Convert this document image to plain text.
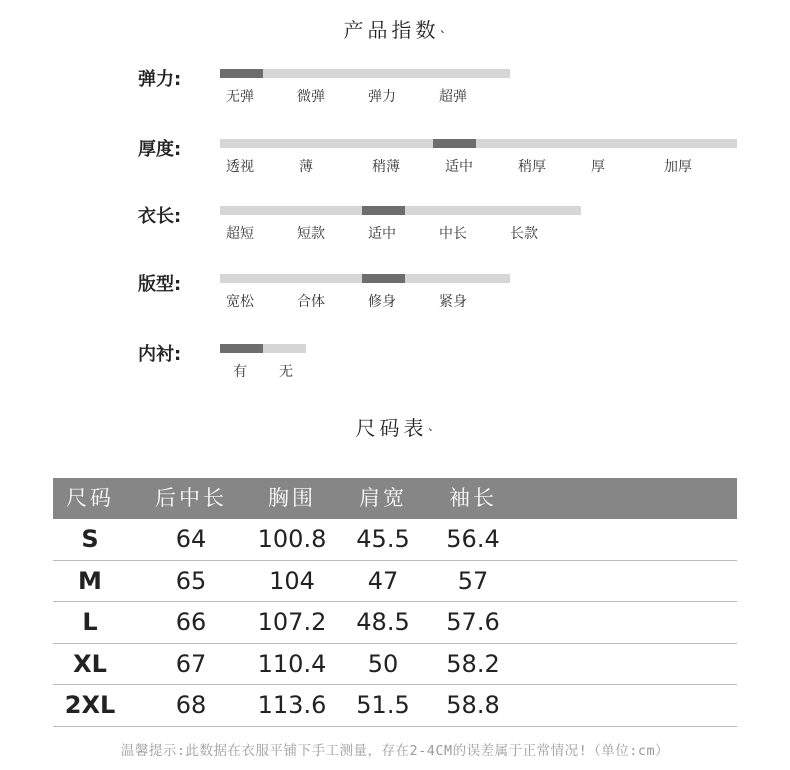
产品指数$^ˎ$
弹力:
无弹	微弹	弹力	超弹
厚度:
透视	薄	稍薄	适中	稍厚	厚	加厚
衣长:
超短	短款	适中	中长	长款
版型:
宽松	合体	修身	紧身
内衬:
有 无
尺码表$^ˎ$
尺码 后中长 胸围 肩宽 袖长
S	64 100.8 45.5 56.4
M	65	104 47 57
L	66 107.2 48.5 57.6
XL	67 110.4 50 58.2
2XL	68 113.6 51.5 58.8
温馨提示:此数据在衣服平铺下手工测量，存在2-4CM的误差属于正常情况!（单位:cm）
